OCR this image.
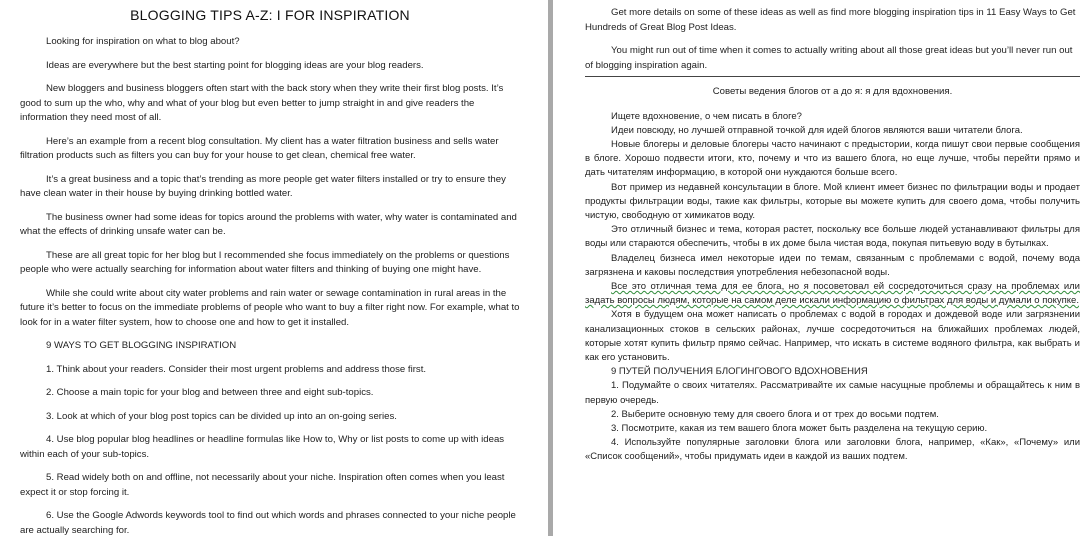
BLOGGING TIPS A-Z: I FOR INSPIRATION

Looking for inspiration on what to blog about?

Ideas are everywhere but the best starting point for blogging ideas are your blog readers.

New bloggers and business bloggers often start with the back story when they write their first blog posts. It’s good to sum up the who, why and what of your blog but even better to jump straight in and give readers the information they need most of all.

Here’s an example from a recent blog consultation. My client has a water filtration business and sells water filtration products such as filters you can buy for your house to get clean, chemical free water.

It’s a great business and a topic that’s trending as more people get water filters installed or try to ensure they have clean water in their house by buying drinking bottled water.

The business owner had some ideas for topics around the problems with water, why water is contaminated and what the effects of drinking unsafe water can be.

These are all great topic for her blog but I recommended she focus immediately on the problems or questions people who were actually searching for information about water filters and thinking of buying one might have.

While she could write about city water problems and rain water or sewage contamination in rural areas in the future it’s better to focus on the immediate problems of people who want to buy a filter right now. For example, what to look for in a water filter system, how to choose one and how to get it installed.

9 WAYS TO GET BLOGGING INSPIRATION

1. Think about your readers. Consider their most urgent problems and address those first.

2. Choose a main topic for your blog and between three and eight sub-topics.

3. Look at which of your blog post topics can be divided up into an on-going series.

4. Use blog popular blog headlines or headline formulas like How to, Why or list posts to come up with ideas within each of your sub-topics.

5. Read widely both on and offline, not necessarily about your niche. Inspiration often comes when you least expect it or stop forcing it.

6. Use the Google Adwords keywords tool to find out which words and phrases connected to your niche people are actually searching for.

Get more details on some of these ideas as well as find more blogging inspiration tips in 11 Easy Ways to Get Hundreds of Great Blog Post Ideas.

You might run out of time when it comes to actually writing about all those great ideas but you’ll never run out of blogging inspiration again.

Советы ведения блогов от а до я: я для вдохновения.

Ищете вдохновение, о чем писать в блоге?

Идеи повсюду, но лучшей отправной точкой для идей блогов являются ваши читатели блога.

Новые блогеры и деловые блогеры часто начинают с предыстории, когда пишут свои первые сообщения в блоге. Хорошо подвести итоги, кто, почему и что из вашего блога, но еще лучше, чтобы перейти прямо и дать читателям информацию, в которой они нуждаются больше всего.

Вот пример из недавней консультации в блоге. Мой клиент имеет бизнес по фильтрации воды и продает продукты фильтрации воды, такие как фильтры, которые вы можете купить для своего дома, чтобы получить чистую, свободную от химикатов воду.

Это отличный бизнес и тема, которая растет, поскольку все больше людей устанавливают фильтры для воды или стараются обеспечить, чтобы в их доме была чистая вода, покупая питьевую воду в бутылках.

Владелец бизнеса имел некоторые идеи по темам, связанным с проблемами с водой, почему вода загрязнена и каковы последствия употребления небезопасной воды.

Все это отличная тема для ее блога, но я посоветовал ей сосредоточиться сразу на проблемах или задать вопросы людям, которые на самом деле искали информацию о фильтрах для воды и думали о покупке.

Хотя в будущем она может написать о проблемах с водой в городах и дождевой воде или загрязнении канализационных стоков в сельских районах, лучше сосредоточиться на ближайших проблемах людей, которые хотят купить фильтр прямо сейчас. Например, что искать в системе водяного фильтра, как выбрать и как его установить.

9 ПУТЕЙ ПОЛУЧЕНИЯ БЛОГИНГОВОГО ВДОХНОВЕНИЯ

1. Подумайте о своих читателях. Рассматривайте их самые насущные проблемы и обращайтесь к ним в первую очередь.

2. Выберите основную тему для своего блога и от трех до восьми подтем.

3. Посмотрите, какая из тем вашего блога может быть разделена на текущую серию.

4. Используйте популярные заголовки блога или заголовки блога, например, «Как», «Почему» или «Список сообщений», чтобы придумать идеи в каждой из ваших подтем.
